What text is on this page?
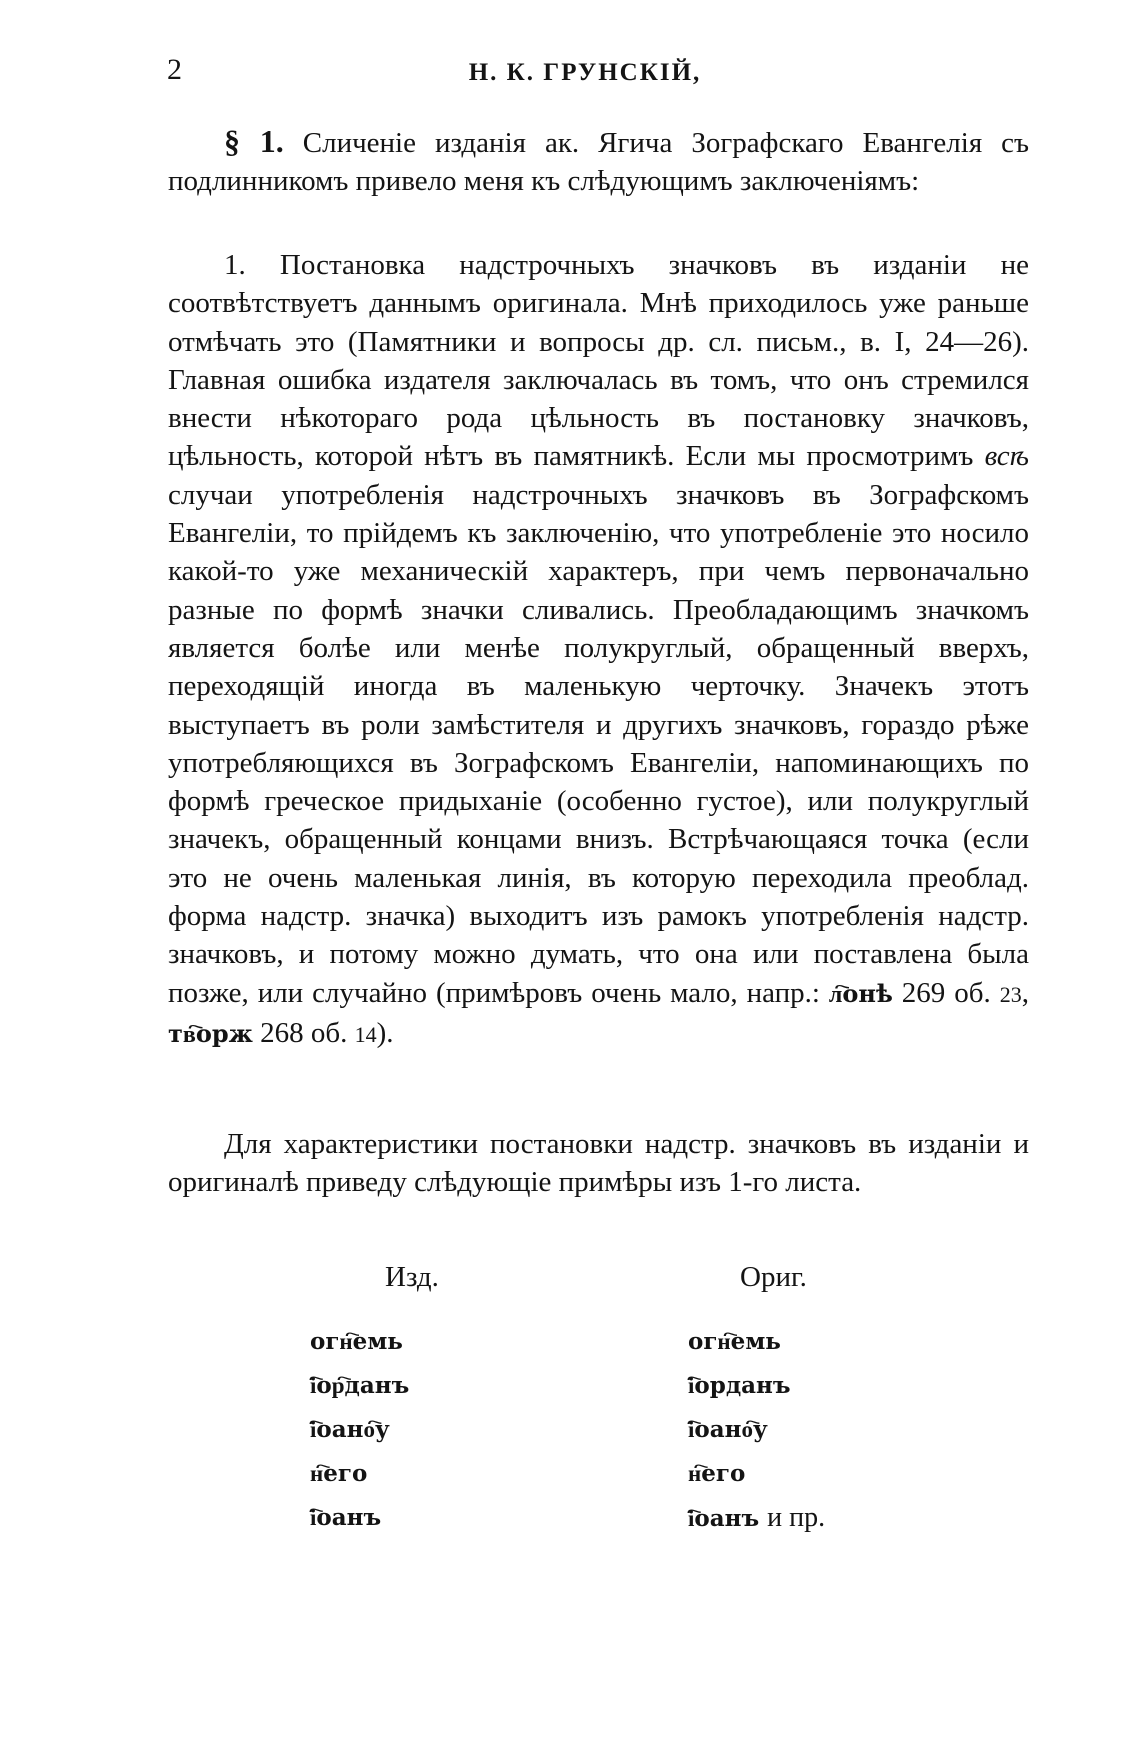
2	Н. К. ГРУНСКІЙ,

§ 1. Сличеніе изданія ак. Ягича Зографскаго Евангелія съ подлинникомъ привело меня къ слѣдующимъ заключеніямъ:

1. Постановка надстрочныхъ значковъ въ изданіи не соотвѣтствуетъ даннымъ оригинала. Мнѣ приходилось уже раньше отмѣчать это (Памятники и вопросы др. сл. письм., в. I, 24—26). Главная ошибка издателя заключалась въ томъ, что онъ стремился внести нѣкотораго рода цѣльность въ постановку значковъ, цѣльность, которой нѣтъ въ памятникѣ. Если мы просмотримъ всѣ случаи употребленія надстрочныхъ значковъ въ Зографскомъ Евангеліи, то прійдемъ къ заключенію, что употребленіе это носило какой-то уже механическій характеръ, при чемъ первоначально разные по формѣ значки сливались. Преобладающимъ значкомъ является болѣе или менѣе полукруглый, обращенный вверхъ, переходящій иногда въ маленькую черточку. Значекъ этотъ выступаетъ въ роли замѣстителя и другихъ значковъ, гораздо рѣже употребляющихся въ Зографскомъ Евангеліи, напоминающихъ по формѣ греческое придыханіе (особенно густое), или полукруглый значекъ, обращенный концами внизъ. Встрѣчающаяся точка (если это не очень маленькая линія, въ которую переходила преоблад. форма надстр. значка) выходитъ изъ рамокъ употребленія надстр. значковъ, и потому можно думать, что она или поставлена была позже, или случайно (примѣровъ очень мало, напр.: л҇онѣ 269 об. 23, тв҇орж 268 об. 14).

Для характеристики постановки надстр. значковъ въ изданіи и оригиналѣ приведу слѣдующіе примѣры изъ 1-го листа.

Изд.	Ориг.
огн҇емь
і҇ор҇данъ
і҇оано҇у
н҇его
і҇оанъ
огн҇емь
і҇орданъ
і҇оано҇у
н҇его
і҇оанъ и пр.
